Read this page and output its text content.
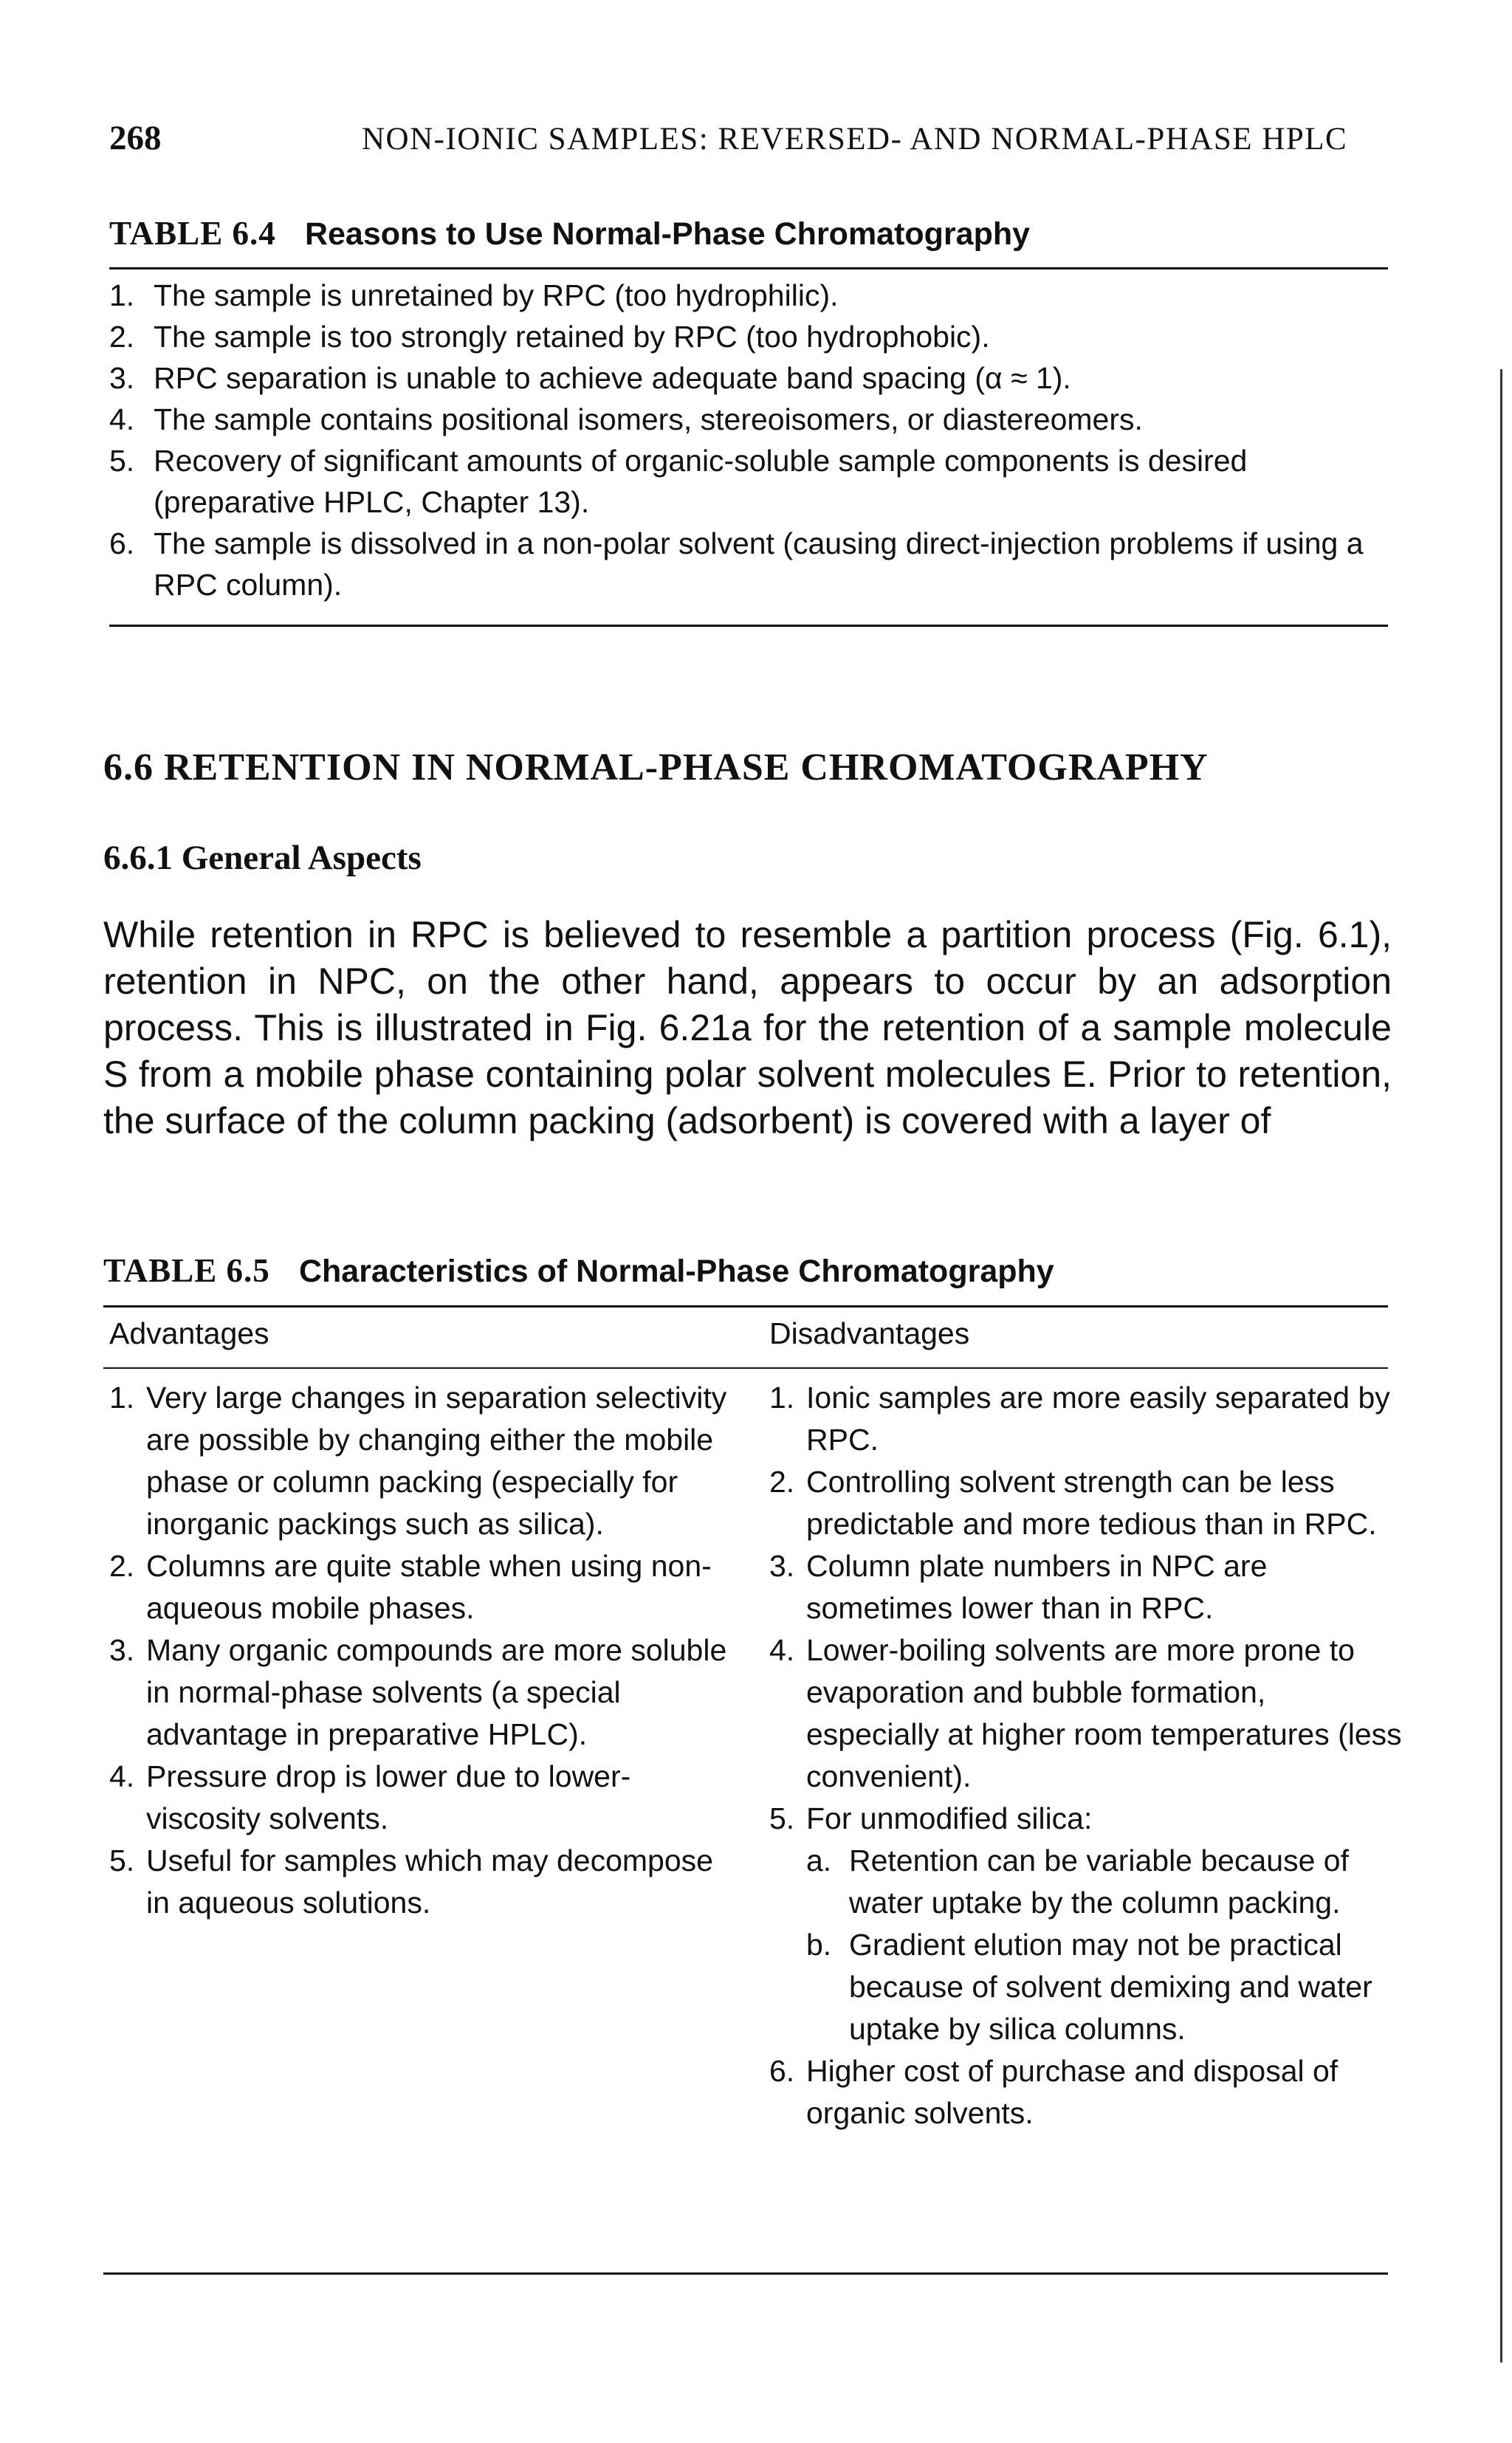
268	NON-IONIC SAMPLES: REVERSED- AND NORMAL-PHASE HPLC
TABLE 6.4 Reasons to Use Normal-Phase Chromatography
1. The sample is unretained by RPC (too hydrophilic).
2. The sample is too strongly retained by RPC (too hydrophobic).
3. RPC separation is unable to achieve adequate band spacing (α ≈ 1).
4. The sample contains positional isomers, stereoisomers, or diastereomers.
5. Recovery of significant amounts of organic-soluble sample components is desired (preparative HPLC, Chapter 13).
6. The sample is dissolved in a non-polar solvent (causing direct-injection problems if using a RPC column).
6.6 RETENTION IN NORMAL-PHASE CHROMATOGRAPHY
6.6.1 General Aspects
While retention in RPC is believed to resemble a partition process (Fig. 6.1), retention in NPC, on the other hand, appears to occur by an adsorption process. This is illustrated in Fig. 6.21a for the retention of a sample molecule S from a mobile phase containing polar solvent molecules E. Prior to retention, the surface of the column packing (adsorbent) is covered with a layer of
TABLE 6.5 Characteristics of Normal-Phase Chromatography
Advantages	Disadvantages
1. Very large changes in separation selectivity are possible by changing either the mobile phase or column packing (especially for inorganic packings such as silica).
2. Columns are quite stable when using non-aqueous mobile phases.
3. Many organic compounds are more soluble in normal-phase solvents (a special advantage in preparative HPLC).
4. Pressure drop is lower due to lower-viscosity solvents.
5. Useful for samples which may decompose in aqueous solutions.
1. Ionic samples are more easily separated by RPC.
2. Controlling solvent strength can be less predictable and more tedious than in RPC.
3. Column plate numbers in NPC are sometimes lower than in RPC.
4. Lower-boiling solvents are more prone to evaporation and bubble formation, especially at higher room temperatures (less convenient).
5. For unmodified silica:
a. Retention can be variable because of water uptake by the column packing.
b. Gradient elution may not be practical because of solvent demixing and water uptake by silica columns.
6. Higher cost of purchase and disposal of organic solvents.
